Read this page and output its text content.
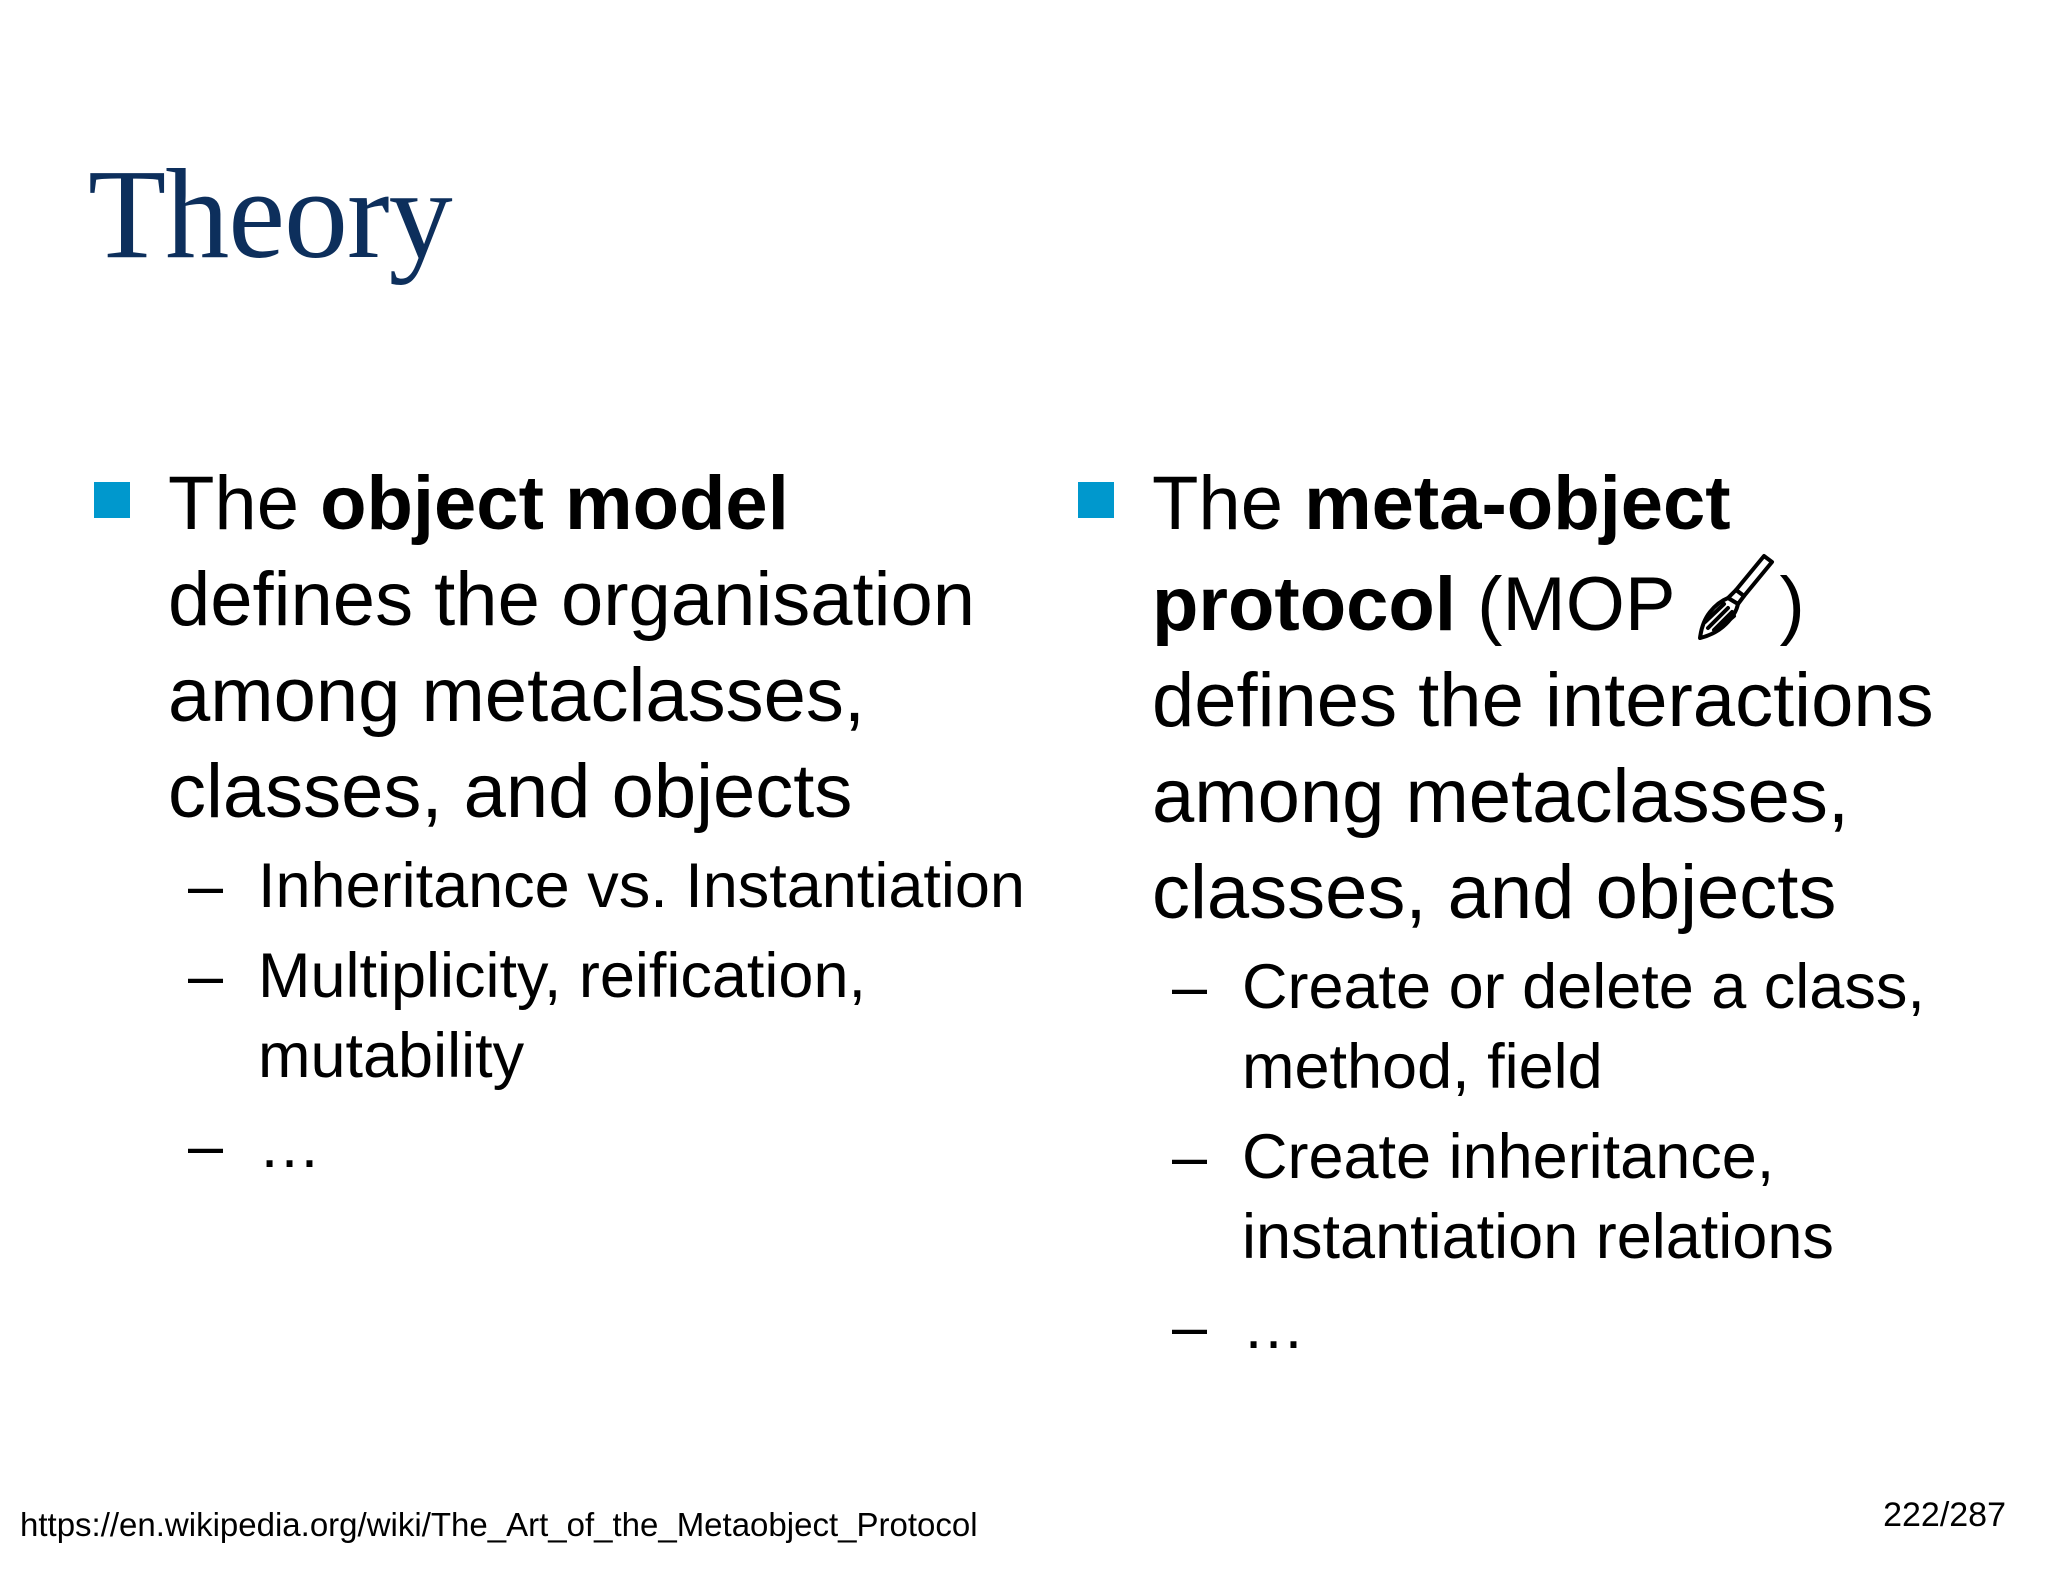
Theory

The object model defines the organisation among metaclasses, classes, and objects

– Inheritance vs. Instantiation
– Multiplicity, reification, mutability
– …

The meta-object protocol (MOP ) defines the interactions among metaclasses, classes, and objects

– Create or delete a class, method, field
– Create inheritance, instantiation relations
– …
https://en.wikipedia.org/wiki/The_Art_of_the_Metaobject_Protocol	222/287
